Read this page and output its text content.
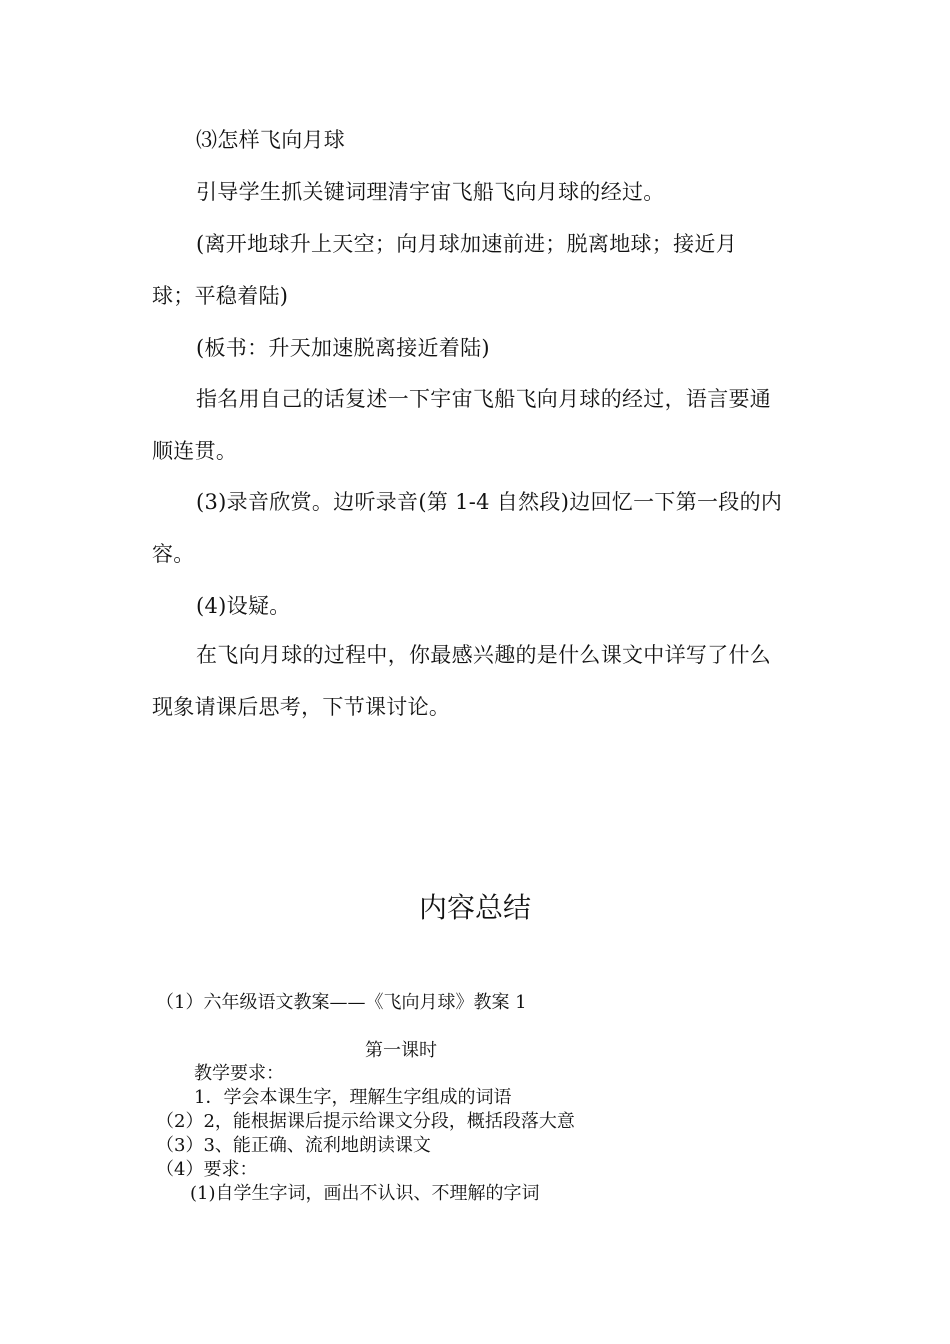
⑶怎样飞向月球
引导学生抓关键词理清宇宙飞船飞向月球的经过。
(离开地球升上天空；向月球加速前进；脱离地球；接近月
球；平稳着陆)
(板书：升天加速脱离接近着陆)
指名用自己的话复述一下宇宙飞船飞向月球的经过，语言要通
顺连贯。
(3)录音欣赏。边听录音(第 1-4 自然段)边回忆一下第一段的内
容。
(4)设疑。
在飞向月球的过程中，你最感兴趣的是什么课文中详写了什么
现象请课后思考，下节课讨论。
内容总结
（1）六年级语文教案——《飞向月球》教案 1
第一课时
教学要求：
1．学会本课生字，理解生字组成的词语
（2）2，能根据课后提示给课文分段，概括段落大意
（3）3、能正确、流利地朗读课文
（4）要求：
(1)自学生字词，画出不认识、不理解的字词
